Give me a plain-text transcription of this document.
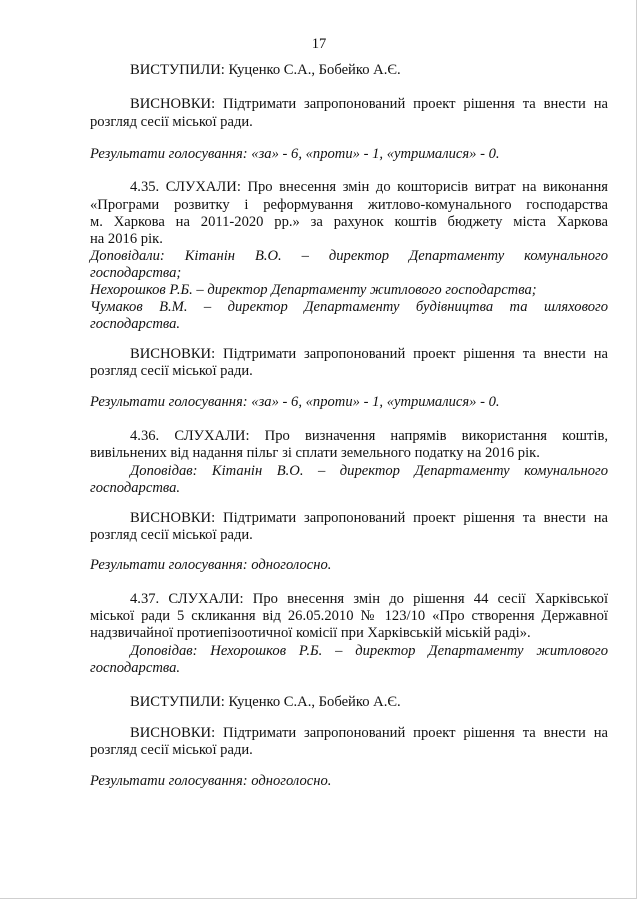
17
ВИСТУПИЛИ: Куценко С.А., Бобейко А.Є.
ВИСНОВКИ: Підтримати запропонований проект рішення та внести на
розгляд сесії міської ради.
Результати голосування: «за» - 6, «проти» - 1, «утрималися» - 0.
4.35. СЛУХАЛИ: Про внесення змін до кошторисів витрат на виконання
«Програми розвитку і реформування житлово-комунального господарства
м. Харкова на 2011-2020 рр.» за рахунок коштів бюджету міста Харкова
на 2016 рік.
Доповідали: Кітанін В.О. – директор Департаменту комунального
господарства;
Нехорошков Р.Б. – директор Департаменту житлового господарства;
Чумаков В.М. – директор Департаменту будівництва та шляхового
господарства.
ВИСНОВКИ: Підтримати запропонований проект рішення та внести на
розгляд сесії міської ради.
Результати голосування: «за» - 6, «проти» - 1, «утрималися» - 0.
4.36. СЛУХАЛИ: Про визначення напрямів використання коштів,
вивільнених від надання пільг зі сплати земельного податку на 2016 рік.
Доповідав: Кітанін В.О. – директор Департаменту комунального
господарства.
ВИСНОВКИ: Підтримати запропонований проект рішення та внести на
розгляд сесії міської ради.
Результати голосування: одноголосно.
4.37. СЛУХАЛИ: Про внесення змін до рішення 44 сесії Харківської
міської ради 5 скликання від 26.05.2010 № 123/10 «Про створення Державної
надзвичайної протиепізоотичної комісії при Харківській міській раді».
Доповідав: Нехорошков Р.Б. – директор Департаменту житлового
господарства.
ВИСТУПИЛИ: Куценко С.А., Бобейко А.Є.
ВИСНОВКИ: Підтримати запропонований проект рішення та внести на
розгляд сесії міської ради.
Результати голосування: одноголосно.
